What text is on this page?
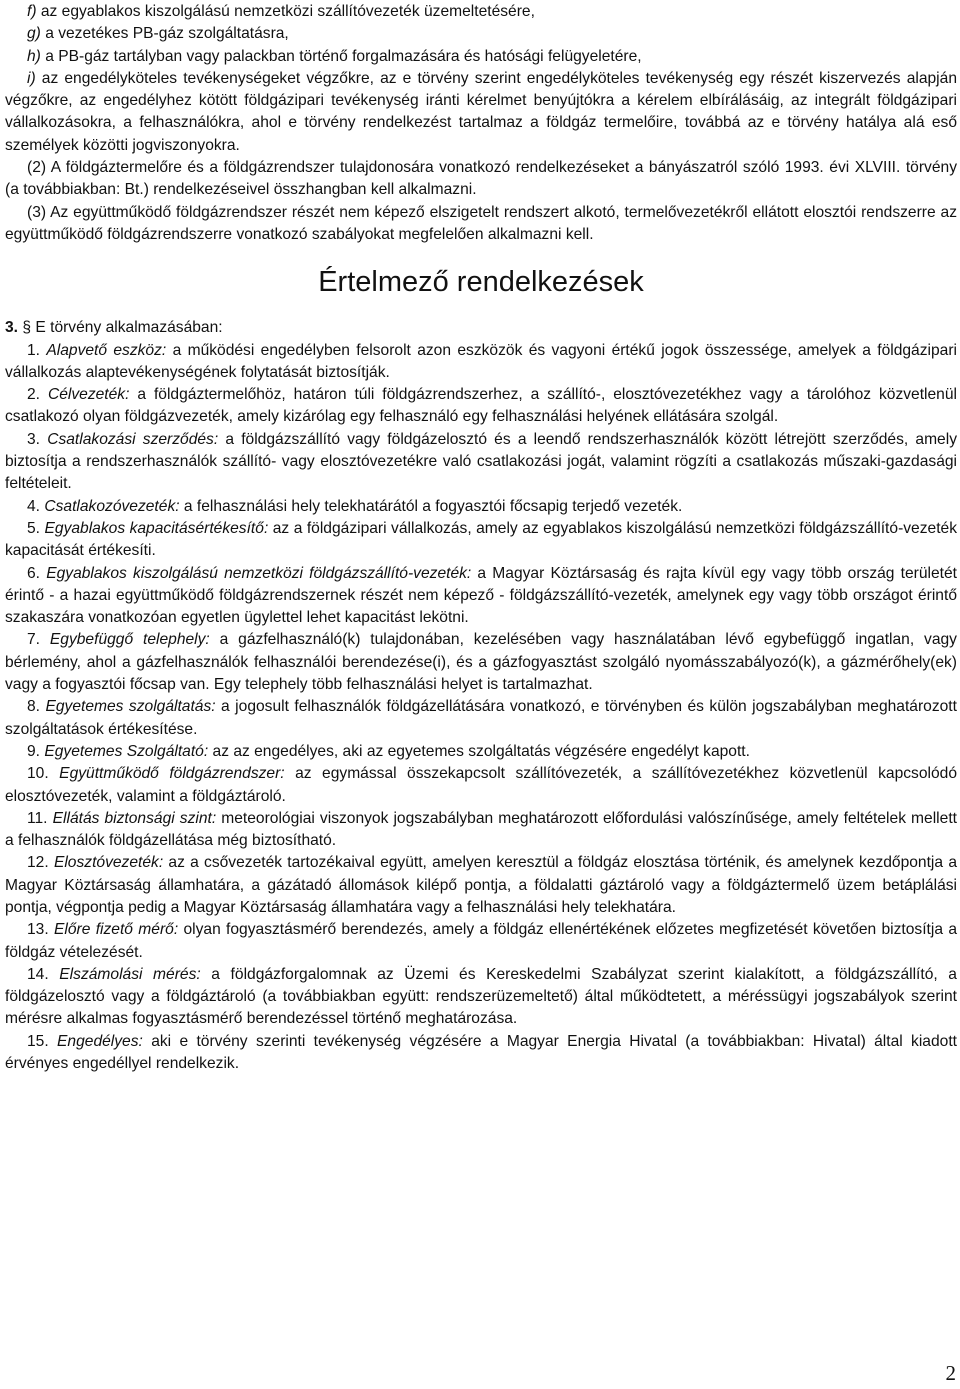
f) az egyablakos kiszolgálású nemzetközi szállítóvezeték üzemeltetésére,

g) a vezetékes PB-gáz szolgáltatásra,

h) a PB-gáz tartályban vagy palackban történő forgalmazására és hatósági felügyeletére,

i) az engedélyköteles tevékenységeket végzőkre, az e törvény szerint engedélyköteles tevékenység egy részét kiszervezés alapján végzőkre, az engedélyhez kötött földgázipari tevékenység iránti kérelmet benyújtókra a kérelem elbírálásáig, az integrált földgázipari vállalkozásokra, a felhasználókra, ahol e törvény rendelkezést tartalmaz a földgáz termelőire, továbbá az e törvény hatálya alá eső személyek közötti jogviszonyokra.

(2) A földgáztermelőre és a földgázrendszer tulajdonosára vonatkozó rendelkezéseket a bányászatról szóló 1993. évi XLVIII. törvény (a továbbiakban: Bt.) rendelkezéseivel összhangban kell alkalmazni.

(3) Az együttműködő földgázrendszer részét nem képező elszigetelt rendszert alkotó, termelővezetékről ellátott elosztói rendszerre az együttműködő földgázrendszerre vonatkozó szabályokat megfelelően alkalmazni kell.

Értelmező rendelkezések

3. § E törvény alkalmazásában:

1. Alapvető eszköz: a működési engedélyben felsorolt azon eszközök és vagyoni értékű jogok összessége, amelyek a földgázipari vállalkozás alaptevékenységének folytatását biztosítják.

2. Célvezeték: a földgáztermelőhöz, határon túli földgázrendszerhez, a szállító-, elosztóvezetékhez vagy a tárolóhoz közvetlenül csatlakozó olyan földgázvezeték, amely kizárólag egy felhasználó egy felhasználási helyének ellátására szolgál.

3. Csatlakozási szerződés: a földgázszállító vagy földgázelosztó és a leendő rendszerhasználók között létrejött szerződés, amely biztosítja a rendszerhasználók szállító- vagy elosztóvezetékre való csatlakozási jogát, valamint rögzíti a csatlakozás műszaki-gazdasági feltételeit.

4. Csatlakozóvezeték: a felhasználási hely telekhatárától a fogyasztói főcsapig terjedő vezeték.

5. Egyablakos kapacitásértékesítő: az a földgázipari vállalkozás, amely az egyablakos kiszolgálású nemzetközi földgázszállító-vezeték kapacitását értékesíti.

6. Egyablakos kiszolgálású nemzetközi földgázszállító-vezeték: a Magyar Köztársaság és rajta kívül egy vagy több ország területét érintő - a hazai együttműködő földgázrendszernek részét nem képező - földgázszállító-vezeték, amelynek egy vagy több országot érintő szakaszára vonatkozóan egyetlen ügylettel lehet kapacitást lekötni.

7. Egybefüggő telephely: a gázfelhasználó(k) tulajdonában, kezelésében vagy használatában lévő egybefüggő ingatlan, vagy bérlemény, ahol a gázfelhasználók felhasználói berendezése(i), és a gázfogyasztást szolgáló nyomásszabályozó(k), a gázmérőhely(ek) vagy a fogyasztói főcsap van. Egy telephely több felhasználási helyet is tartalmazhat.

8. Egyetemes szolgáltatás: a jogosult felhasználók földgázellátására vonatkozó, e törvényben és külön jogszabályban meghatározott szolgáltatások értékesítése.

9. Egyetemes Szolgáltató: az az engedélyes, aki az egyetemes szolgáltatás végzésére engedélyt kapott.

10. Együttműködő földgázrendszer: az egymással összekapcsolt szállítóvezeték, a szállítóvezetékhez közvetlenül kapcsolódó elosztóvezeték, valamint a földgáztároló.

11. Ellátás biztonsági szint: meteorológiai viszonyok jogszabályban meghatározott előfordulási valószínűsége, amely feltételek mellett a felhasználók földgázellátása még biztosítható.

12. Elosztóvezeték: az a csővezeték tartozékaival együtt, amelyen keresztül a földgáz elosztása történik, és amelynek kezdőpontja a Magyar Köztársaság államhatára, a gázátadó állomások kilépő pontja, a földalatti gáztároló vagy a földgáztermelő üzem betáplálási pontja, végpontja pedig a Magyar Köztársaság államhatára vagy a felhasználási hely telekhatára.

13. Előre fizető mérő: olyan fogyasztásmérő berendezés, amely a földgáz ellenértékének előzetes megfizetését követően biztosítja a földgáz vételezését.

14. Elszámolási mérés: a földgázforgalomnak az Üzemi és Kereskedelmi Szabályzat szerint kialakított, a földgázszállító, a földgázelosztó vagy a földgáztároló (a továbbiakban együtt: rendszerüzemeltető) által működtetett, a méréssügyi jogszabályok szerint mérésre alkalmas fogyasztásmérő berendezéssel történő meghatározása.

15. Engedélyes: aki e törvény szerinti tevékenység végzésére a Magyar Energia Hivatal (a továbbiakban: Hivatal) által kiadott érvényes engedéllyel rendelkezik.

2
